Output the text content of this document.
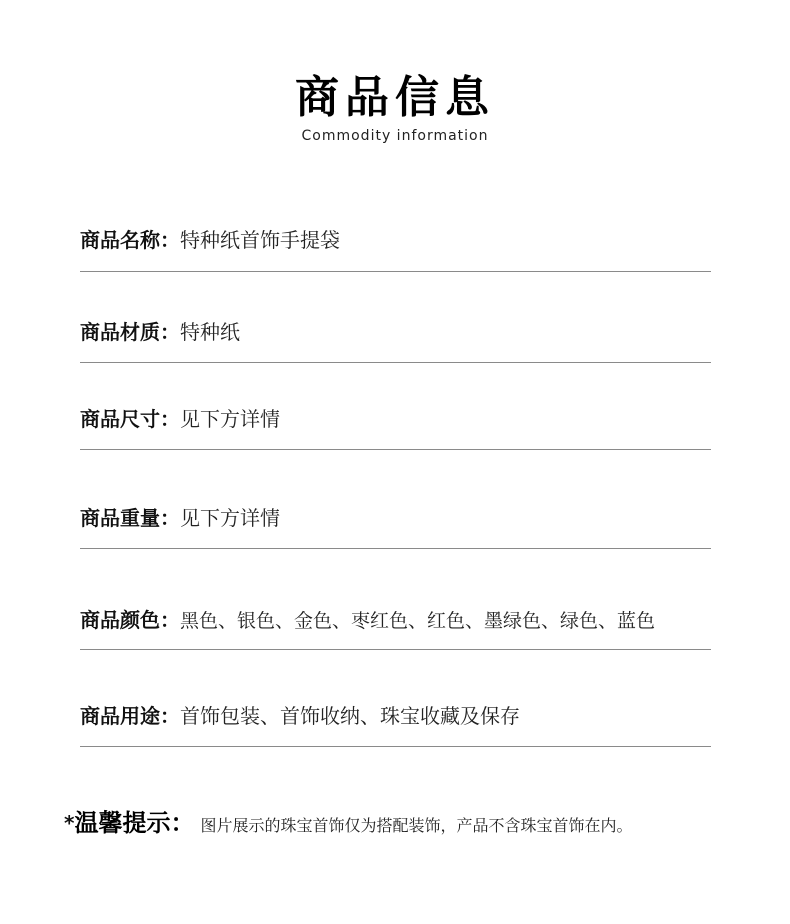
商品信息
Commodity information
商品名称：特种纸首饰手提袋
商品材质：特种纸
商品尺寸：见下方详情
商品重量：见下方详情
商品颜色：黑色、银色、金色、枣红色、红色、墨绿色、绿色、蓝色
商品用途：首饰包装、首饰收纳、珠宝收藏及保存
*温馨提示： 图片展示的珠宝首饰仅为搭配装饰，产品不含珠宝首饰在内。
